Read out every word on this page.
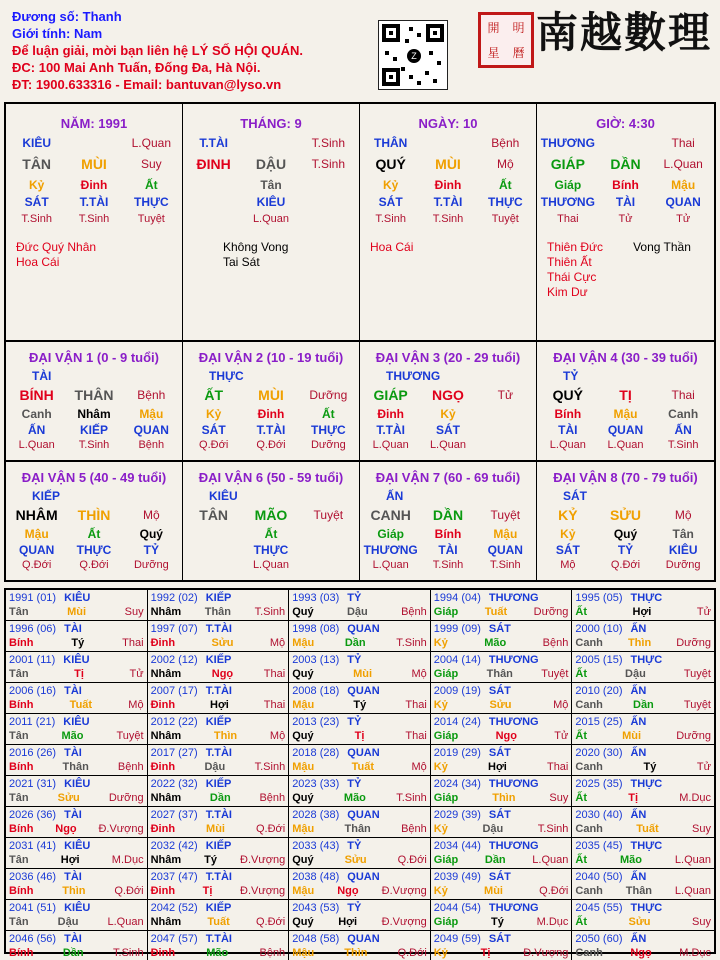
Đương số: Thanh
Giới tính: Nam
Để luận giải, mời bạn liên hệ LÝ SỐ HỘI QUÁN.
ĐC: 100 Mai Anh Tuấn, Đống Đa, Hà Nội.
ĐT: 1900.633316 - Email: bantuvan@lyso.vn
Z
開	明
星	曆 南越數理
NĂM: 1991
KIÊU	L.Quan
TÂN	MÙI	Suy
Kỷ	Đinh	Ất
SÁT	T.TÀI	THỰC
T.Sinh	T.Sinh	Tuyệt
Đức Quý Nhân
Hoa Cái
THÁNG: 9
T.TÀI	T.Sinh
ĐINH	DẬU	T.Sinh
Tân
KIÊU
L.Quan
Không Vong
Tai Sát
NGÀY: 10
THÂN	Bệnh
QUÝ	MÙI	Mộ
Kỷ	Đinh	Ất
SÁT	T.TÀI	THỰC
T.Sinh	T.Sinh	Tuyệt
Hoa Cái
GIỜ: 4:30
THƯƠNG	Thai
GIÁP	DẦN	L.Quan
Giáp	Bính	Mậu
THƯƠNG	TÀI	QUAN
Thai	Tử	Tử
Thiên Đức
Thiên Ất
Thái Cực
Kim Dư
Vong Thần
ĐẠI VẬN 1 (0 - 9 tuổi)
TÀI
BÍNH	THÂN	Bệnh
Canh	Nhâm	Mậu
ẤN	KIẾP	QUAN
L.Quan	T.Sinh	Bệnh
ĐẠI VẬN 2 (10 - 19 tuổi)
THỰC
ẤT	MÙI	Dưỡng
Kỷ	Đinh	Ất
SÁT	T.TÀI	THỰC
Q.Đới	Q.Đới	Dưỡng
ĐẠI VẬN 3 (20 - 29 tuổi)
THƯƠNG
GIÁP	NGỌ	Tử
Đinh	Kỷ
T.TÀI	SÁT
L.Quan	L.Quan
ĐẠI VẬN 4 (30 - 39 tuổi)
TỶ
QUÝ	TỊ	Thai
Bính	Mậu	Canh
TÀI	QUAN	ẤN
L.Quan	L.Quan	T.Sinh
ĐẠI VẬN 5 (40 - 49 tuổi)
KIẾP
NHÂM	THÌN	Mộ
Mậu	Ất	Quý
QUAN	THỰC	TỶ
Q.Đới	Q.Đới	Dưỡng
ĐẠI VẬN 6 (50 - 59 tuổi)
KIÊU
TÂN	MÃO	Tuyệt
Ất
THỰC
L.Quan
ĐẠI VẬN 7 (60 - 69 tuổi)
ẤN
CANH	DẦN	Tuyệt
Giáp	Bính	Mậu
THƯƠNG	TÀI	QUAN
L.Quan	T.Sinh	T.Sinh
ĐẠI VẬN 8 (70 - 79 tuổi)
SÁT
KỶ	SỬU	Mộ
Kỷ	Quý	Tân
SÁT	TỶ	KIÊU
Mộ	Q.Đới	Dưỡng
1991 (01) KIÊU
Tân	Mùi	Suy
1992 (02) KIẾP
Nhâm Thân T.Sinh
1993 (03) TỶ
Quý	Dậu	Bệnh
1994 (04) THƯƠNG
Giáp Tuất Dưỡng
1995 (05) THỰC
Ất	Hợi	Tử
1996 (06) TÀI
Bính	Tý	Thai
1997 (07) T.TÀI
Đinh	Sửu	Mộ
1998 (08) QUAN
Mậu	Dần	T.Sinh
1999 (09) SÁT
Kỷ	Mão	Bệnh
2000 (10) ẤN
Canh Thìn Dưỡng
2001 (11) KIÊU
Tân	Tị	Tử
2002 (12) KIẾP
Nhâm	Ngọ	Thai
2003 (13) TỶ
Quý	Mùi	Mộ
2004 (14) THƯƠNG
Giáp	Thân	Tuyệt
2005 (15) THỰC
Ất	Dậu	Tuyệt
2006 (16) TÀI
Bính	Tuất	Mộ
2007 (17) T.TÀI
Đinh	Hợi	Thai
2008 (18) QUAN
Mậu	Tý	Thai
2009 (19) SÁT
Kỷ	Sửu	Mộ
2010 (20) ẤN
Canh	Dần	Tuyệt
2011 (21) KIÊU
Tân	Mão	Tuyệt
2012 (22) KIẾP
Nhâm	Thìn	Mộ
2013 (23) TỶ
Quý	Tị	Thai
2014 (24) THƯƠNG
Giáp	Ngọ	Tử
2015 (25) ẤN
Ất	Mùi	Dưỡng
2016 (26) TÀI
Bính	Thân	Bệnh
2017 (27) T.TÀI
Đinh	Dậu	T.Sinh
2018 (28) QUAN
Mậu	Tuất	Mộ
2019 (29) SÁT
Kỷ	Hợi	Thai
2020 (30) ẤN
Canh	Tý	Tử
2021 (31) KIÊU
Tân	Sửu	Dưỡng
2022 (32) KIẾP
Nhâm	Dần	Bệnh
2023 (33) TỶ
Quý	Mão	T.Sinh
2024 (34) THƯƠNG
Giáp	Thìn	Suy
2025 (35) THỰC
Ất	Tị	M.Dục
2026 (36) TÀI
Bính Ngọ Đ.Vượng
2027 (37) T.TÀI
Đinh	Mùi	Q.Đới
2028 (38) QUAN
Mậu	Thân	Bệnh
2029 (39) SÁT
Kỷ	Dậu	T.Sinh
2030 (40) ẤN
Canh	Tuất	Suy
2031 (41) KIÊU
Tân	Hợi	M.Dục
2032 (42) KIẾP
Nhâm Tý Đ.Vượng
2033 (43) TỶ
Quý	Sửu	Q.Đới
2034 (44) THƯƠNG
Giáp Dần L.Quan
2035 (45) THỰC
Ất	Mão	L.Quan
2036 (46) TÀI
Bính	Thìn	Q.Đới
2037 (47) T.TÀI
Đinh	Tị	Đ.Vượng
2038 (48) QUAN
Mậu Ngọ Đ.Vượng
2039 (49) SÁT
Kỷ	Mùi	Q.Đới
2040 (50) ẤN
Canh Thân L.Quan
2041 (51) KIÊU
Tân	Dậu	L.Quan
2042 (52) KIẾP
Nhâm Tuất Q.Đới
2043 (53) TỶ
Quý Hợi Đ.Vượng
2044 (54) THƯƠNG
Giáp	Tý	M.Dục
2045 (55) THỰC
Ất	Sửu	Suy
2046 (56) TÀI
Bính	Dần	T.Sinh
2047 (57) T.TÀI
Đinh	Mão	Bệnh
2048 (58) QUAN
Mậu	Thìn	Q.Đới
2049 (59) SÁT
Kỷ	Tị	Đ.Vượng
2050 (60) ẤN
Canh Ngọ M.Dục
